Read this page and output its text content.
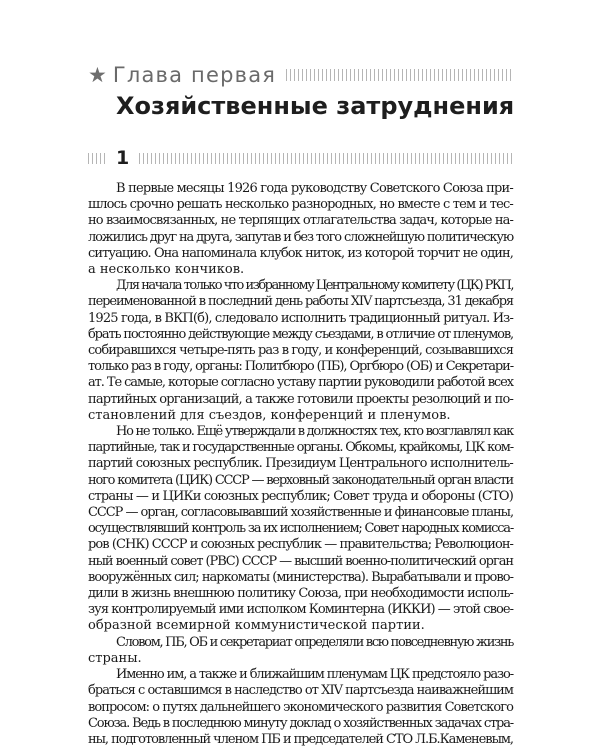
★ Глава первая
Хозяйственные затруднения
1
В первые месяцы 1926 года руководству Советского Союза при-
шлось срочно решать несколько разнородных, но вместе с тем и тес-
но взаимосвязанных, не терпящих отлагательства задач, которые на-
ложились друг на друга, запутав и без того сложнейшую политическую
ситуацию. Она напоминала клубок ниток, из которой торчит не один,
а несколько кончиков.
Для начала только что избранному Центральному комитету (ЦК) РКП,
переименованной в последний день работы XIV партсъезда, 31 декабря
1925 года, в ВКП(б), следовало исполнить традиционный ритуал. Из-
брать постоянно действующие между съездами, в отличие от пленумов,
собиравшихся четыре-пять раз в году, и конференций, созывавшихся
только раз в году, органы: Политбюро (ПБ), Оргбюро (ОБ) и Секретари-
ат. Те самые, которые согласно уставу партии руководили работой всех
партийных организаций, а также готовили проекты резолюций и по-
становлений для съездов, конференций и пленумов.
Но не только. Ещё утверждали в должностях тех, кто возглавлял как
партийные, так и государственные органы. Обкомы, крайкомы, ЦК ком-
партий союзных республик. Президиум Центрального исполнитель-
ного комитета (ЦИК) СССР — верховный законодательный орган власти
страны — и ЦИКи союзных республик; Совет труда и обороны (СТО)
СССР — орган, согласовывавший хозяйственные и финансовые планы,
осуществлявший контроль за их исполнением; Совет народных комисса-
ров (СНК) СССР и союзных республик — правительства; Революцион-
ный военный совет (РВС) СССР — высший военно-политический орган
вооружённых сил; наркоматы (министерства). Вырабатывали и прово-
дили в жизнь внешнюю политику Союза, при необходимости исполь-
зуя контролируемый ими исполком Коминтерна (ИККИ) — этой свое-
образной всемирной коммунистической партии.
Словом, ПБ, ОБ и секретариат определяли всю повседневную жизнь
страны.
Именно им, а также и ближайшим пленумам ЦК предстояло разо-
браться с оставшимся в наследство от XIV партсъезда наиважнейшим
вопросом: о путях дальнейшего экономического развития Советского
Союза. Ведь в последнюю минуту доклад о хозяйственных задачах стра-
ны, подготовленный членом ПБ и председателей СТО Л.Б.Каменевым,
